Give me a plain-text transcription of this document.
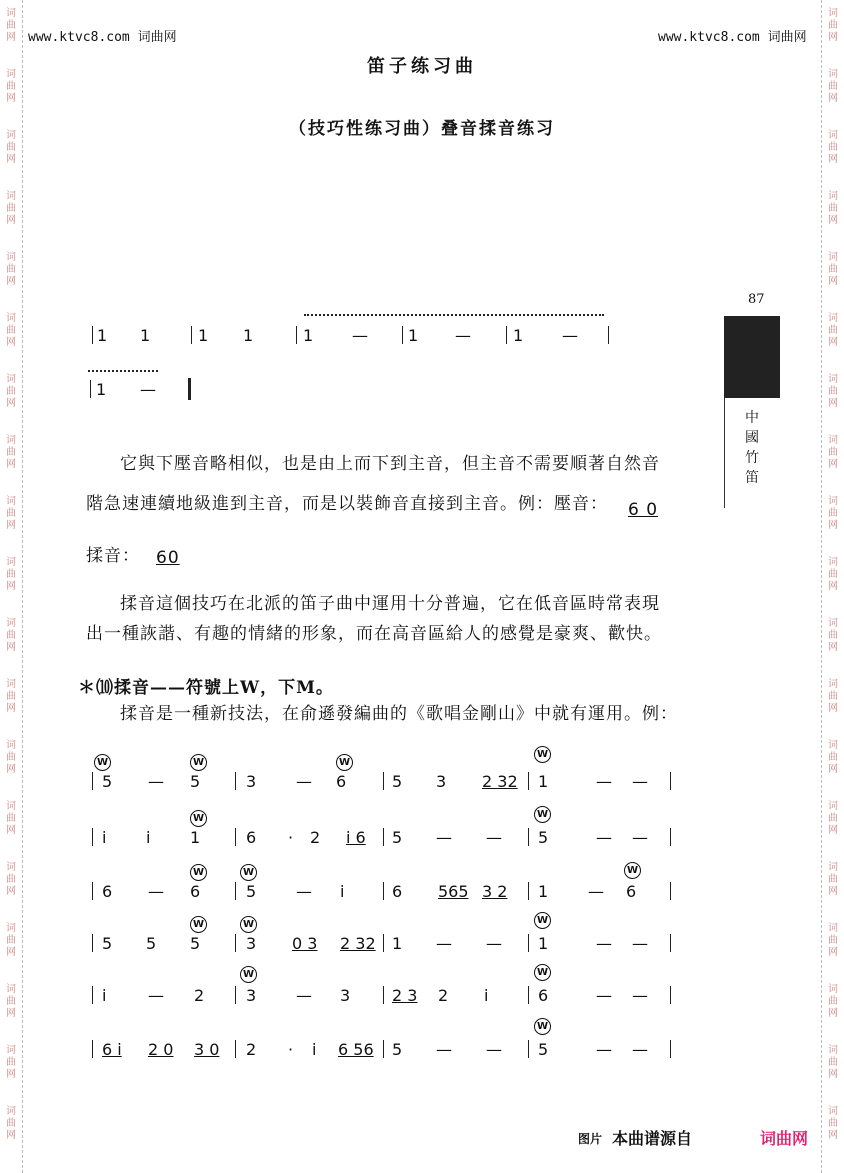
词
曲
网
词
曲
网
词
曲
网
词
曲
网
词
曲
网
词
曲
网
词
曲
网
词
曲
网
词
曲
网
词
曲
网
词
曲
网
词
曲
网
词
曲
网
词
曲
网
词
曲
网
词
曲
网
词
曲
网
词
曲
网
词
曲
网
词
曲
网
词
曲
网
词
曲
网
词
曲
网
词
曲
网
词
曲
网
词
曲
网
词
曲
网
词
曲
网
词
曲
网
词
曲
网
词
曲
网
词
曲
网
词
曲
网
词
曲
网
词
曲
网
词
曲
网
词
曲
网
词
曲
网
www.ktvc8.com 词曲网	www.ktvc8.com 词曲网
笛子练习曲
（技巧性练习曲）叠音揉音练习
87
中國竹笛
1 1	1 1	1 —	1 —	1 —
1 —
它與下壓音略相似，也是由上而下到主音，但主音不需要順著自然音
階急速連續地級進到主音，而是以裝飾音直接到主音。例：壓音： 6 0
揉音： 60
揉音這個技巧在北派的笛子曲中運用十分普遍，它在低音區時常表現
出一種詼諧、有趣的情緒的形象，而在高音區給人的感覺是豪爽、歡快。
＊⑽揉音——符號上W，下M。
揉音是一種新技法，在俞遜發編曲的《歌唱金剛山》中就有運用。例：
5 — 5	3 — 6	5 3 2 32 1	— —
W	W	W
W
i i 1	6 · 2 i 6 5 — — 5	— —
W	W
6 — 6	5 — i	6 565 3 2 1 — 6
W	W	W
5 5 5	3 0 3 2 32 1 — — 1	— —
W	W	W
i	— 2	3 — 3	2 3 2 i	6	— —
W	W
6 i 2 0 3 0 2 · i 6 56 5 — — 5	— —
W
图片 本曲谱源自	词曲网
